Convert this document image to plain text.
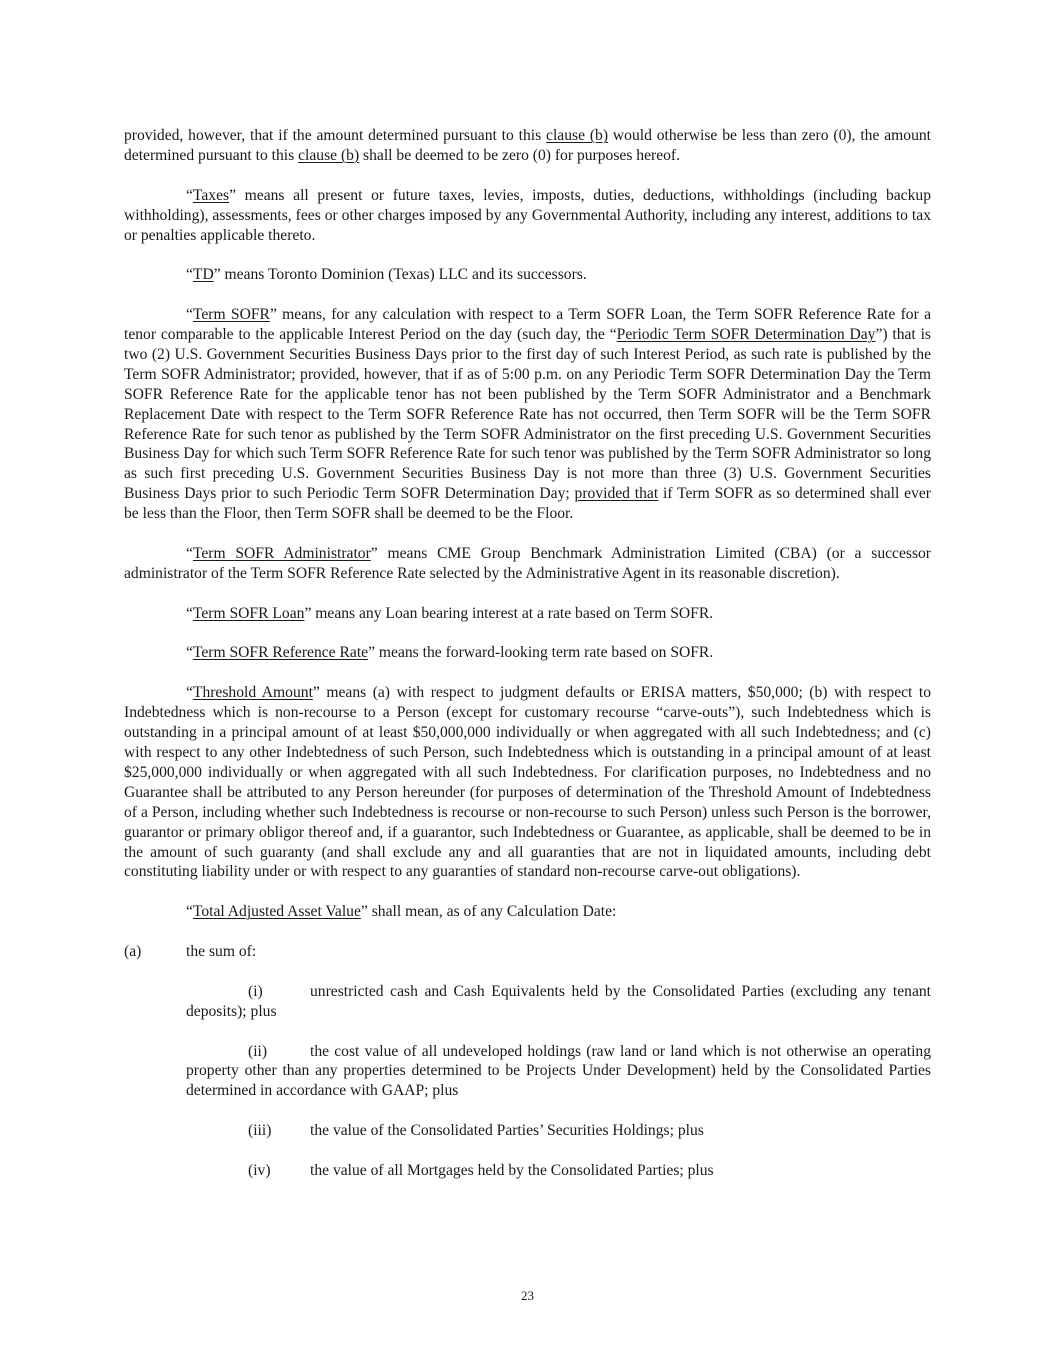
provided, however, that if the amount determined pursuant to this clause (b) would otherwise be less than zero (0), the amount determined pursuant to this clause (b) shall be deemed to be zero (0) for purposes hereof.

“Taxes” means all present or future taxes, levies, imposts, duties, deductions, withholdings (including backup withholding), assessments, fees or other charges imposed by any Governmental Authority, including any interest, additions to tax or penalties applicable thereto.

“TD” means Toronto Dominion (Texas) LLC and its successors.

“Term SOFR” means, for any calculation with respect to a Term SOFR Loan, the Term SOFR Reference Rate for a tenor comparable to the applicable Interest Period on the day (such day, the “Periodic Term SOFR Determination Day”) that is two (2) U.S. Government Securities Business Days prior to the first day of such Interest Period, as such rate is published by the Term SOFR Administrator; provided, however, that if as of 5:00 p.m. on any Periodic Term SOFR Determination Day the Term SOFR Reference Rate for the applicable tenor has not been published by the Term SOFR Administrator and a Benchmark Replacement Date with respect to the Term SOFR Reference Rate has not occurred, then Term SOFR will be the Term SOFR Reference Rate for such tenor as published by the Term SOFR Administrator on the first preceding U.S. Government Securities Business Day for which such Term SOFR Reference Rate for such tenor was published by the Term SOFR Administrator so long as such first preceding U.S. Government Securities Business Day is not more than three (3) U.S. Government Securities Business Days prior to such Periodic Term SOFR Determination Day; provided that if Term SOFR as so determined shall ever be less than the Floor, then Term SOFR shall be deemed to be the Floor.

“Term SOFR Administrator” means CME Group Benchmark Administration Limited (CBA) (or a successor administrator of the Term SOFR Reference Rate selected by the Administrative Agent in its reasonable discretion).

“Term SOFR Loan” means any Loan bearing interest at a rate based on Term SOFR.

“Term SOFR Reference Rate” means the forward-looking term rate based on SOFR.

“Threshold Amount” means (a) with respect to judgment defaults or ERISA matters, $50,000; (b) with respect to Indebtedness which is non-recourse to a Person (except for customary recourse “carve-outs”), such Indebtedness which is outstanding in a principal amount of at least $50,000,000 individually or when aggregated with all such Indebtedness; and (c) with respect to any other Indebtedness of such Person, such Indebtedness which is outstanding in a principal amount of at least $25,000,000 individually or when aggregated with all such Indebtedness. For clarification purposes, no Indebtedness and no Guarantee shall be attributed to any Person hereunder (for purposes of determination of the Threshold Amount of Indebtedness of a Person, including whether such Indebtedness is recourse or non-recourse to such Person) unless such Person is the borrower, guarantor or primary obligor thereof and, if a guarantor, such Indebtedness or Guarantee, as applicable, shall be deemed to be in the amount of such guaranty (and shall exclude any and all guaranties that are not in liquidated amounts, including debt constituting liability under or with respect to any guaranties of standard non-recourse carve-out obligations).

“Total Adjusted Asset Value” shall mean, as of any Calculation Date:

(a)	the sum of:

(i)	unrestricted cash and Cash Equivalents held by the Consolidated Parties (excluding any tenant deposits); plus

(ii)	the cost value of all undeveloped holdings (raw land or land which is not otherwise an operating property other than any properties determined to be Projects Under Development) held by the Consolidated Parties determined in accordance with GAAP; plus

(iii)	the value of the Consolidated Parties’ Securities Holdings; plus
(iv)	the value of all Mortgages held by the Consolidated Parties; plus
23
